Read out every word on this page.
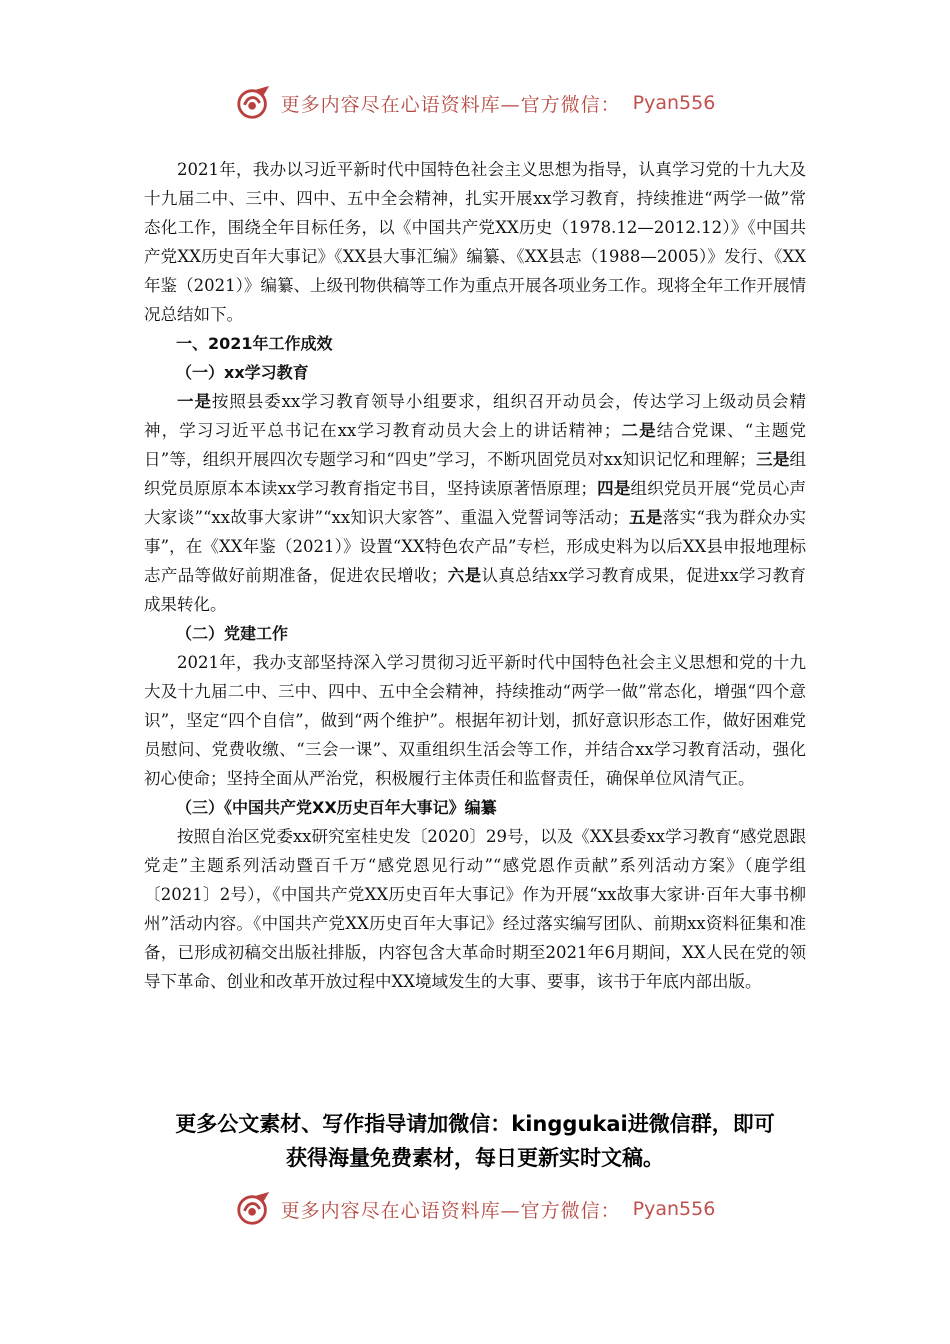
更多内容尽在心语资料库—官方微信： Pyan556

2021年，我办以习近平新时代中国特色社会主义思想为指导，认真学习党的十九大及十九届二中、三中、四中、五中全会精神，扎实开展xx学习教育，持续推进“两学一做”常态化工作，围绕全年目标任务，以《中国共产党XX历史（1978.12—2012.12）》《中国共产党XX历史百年大事记》《XX县大事汇编》编纂、《XX县志（1988—2005）》发行、《XX年鉴（2021）》编纂、上级刊物供稿等工作为重点开展各项业务工作。现将全年工作开展情况总结如下。

一、2021年工作成效

（一）xx学习教育

一是按照县委xx学习教育领导小组要求，组织召开动员会，传达学习上级动员会精神，学习习近平总书记在xx学习教育动员大会上的讲话精神；二是结合党课、“主题党日”等，组织开展四次专题学习和“四史”学习，不断巩固党员对xx知识记忆和理解；三是组织党员原原本本读xx学习教育指定书目，坚持读原著悟原理；四是组织党员开展“党员心声大家谈”“xx故事大家讲”“xx知识大家答”、重温入党誓词等活动；五是落实“我为群众办实事”，在《XX年鉴（2021）》设置“XX特色农产品”专栏，形成史料为以后XX县申报地理标志产品等做好前期准备，促进农民增收；六是认真总结xx学习教育成果，促进xx学习教育成果转化。

（二）党建工作

2021年，我办支部坚持深入学习贯彻习近平新时代中国特色社会主义思想和党的十九大及十九届二中、三中、四中、五中全会精神，持续推动“两学一做”常态化，增强“四个意识”，坚定“四个自信”，做到“两个维护”。根据年初计划，抓好意识形态工作，做好困难党员慰问、党费收缴、“三会一课”、双重组织生活会等工作，并结合xx学习教育活动，强化初心使命；坚持全面从严治党，积极履行主体责任和监督责任，确保单位风清气正。

（三）《中国共产党XX历史百年大事记》编纂

按照自治区党委xx研究室桂史发〔2020〕29号，以及《XX县委xx学习教育“感党恩跟党走”主题系列活动暨百千万“感党恩见行动”“感党恩作贡献”系列活动方案》（鹿学组〔2021〕2号），《中国共产党XX历史百年大事记》作为开展“xx故事大家讲·百年大事书柳州”活动内容。《中国共产党XX历史百年大事记》经过落实编写团队、前期xx资料征集和准备，已形成初稿交出版社排版，内容包含大革命时期至2021年6月期间，XX人民在党的领导下革命、创业和改革开放过程中XX境域发生的大事、要事，该书于年底内部出版。

更多公文素材、写作指导请加微信：kinggukai进微信群，即可
获得海量免费素材，每日更新实时文稿。
更多内容尽在心语资料库—官方微信： Pyan556
